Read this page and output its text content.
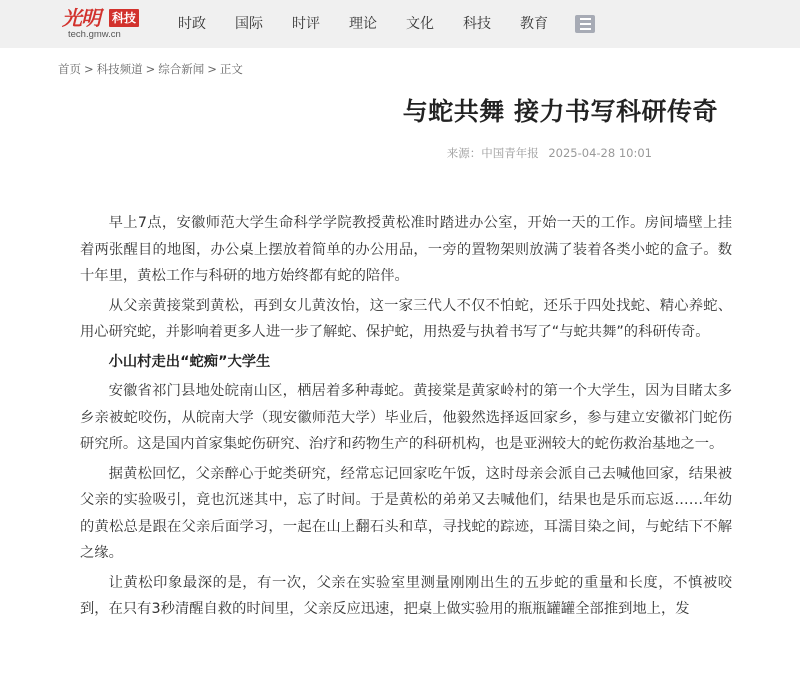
光明 科技
tech.gmw.cn
时政 国际 时评 理论 文化 科技 教育
首页 > 科技频道 > 综合新闻 > 正文
与蛇共舞 接力书写科研传奇
来源：中国青年报 2025-04-28 10:01

早上7点，安徽师范大学生命科学学院教授黄松准时踏进办公室，开始一天的工作。房间墙壁上挂着两张醒目的地图，办公桌上摆放着简单的办公用品，一旁的置物架则放满了装着各类小蛇的盒子。数十年里，黄松工作与科研的地方始终都有蛇的陪伴。

从父亲黄接棠到黄松，再到女儿黄汝怡，这一家三代人不仅不怕蛇，还乐于四处找蛇、精心养蛇、用心研究蛇，并影响着更多人进一步了解蛇、保护蛇，用热爱与执着书写了“与蛇共舞”的科研传奇。

小山村走出“蛇痴”大学生

安徽省祁门县地处皖南山区，栖居着多种毒蛇。黄接棠是黄家岭村的第一个大学生，因为目睹太多乡亲被蛇咬伤，从皖南大学（现安徽师范大学）毕业后，他毅然选择返回家乡，参与建立安徽祁门蛇伤研究所。这是国内首家集蛇伤研究、治疗和药物生产的科研机构，也是亚洲较大的蛇伤救治基地之一。

据黄松回忆，父亲醉心于蛇类研究，经常忘记回家吃午饭，这时母亲会派自己去喊他回家，结果被父亲的实验吸引，竟也沉迷其中，忘了时间。于是黄松的弟弟又去喊他们，结果也是乐而忘返……年幼的黄松总是跟在父亲后面学习，一起在山上翻石头和草，寻找蛇的踪迹，耳濡目染之间，与蛇结下不解之缘。

让黄松印象最深的是，有一次，父亲在实验室里测量刚刚出生的五步蛇的重量和长度，不慎被咬到，在只有3秒清醒自救的时间里，父亲反应迅速，把桌上做实验用的瓶瓶罐罐全部推到地上，发
